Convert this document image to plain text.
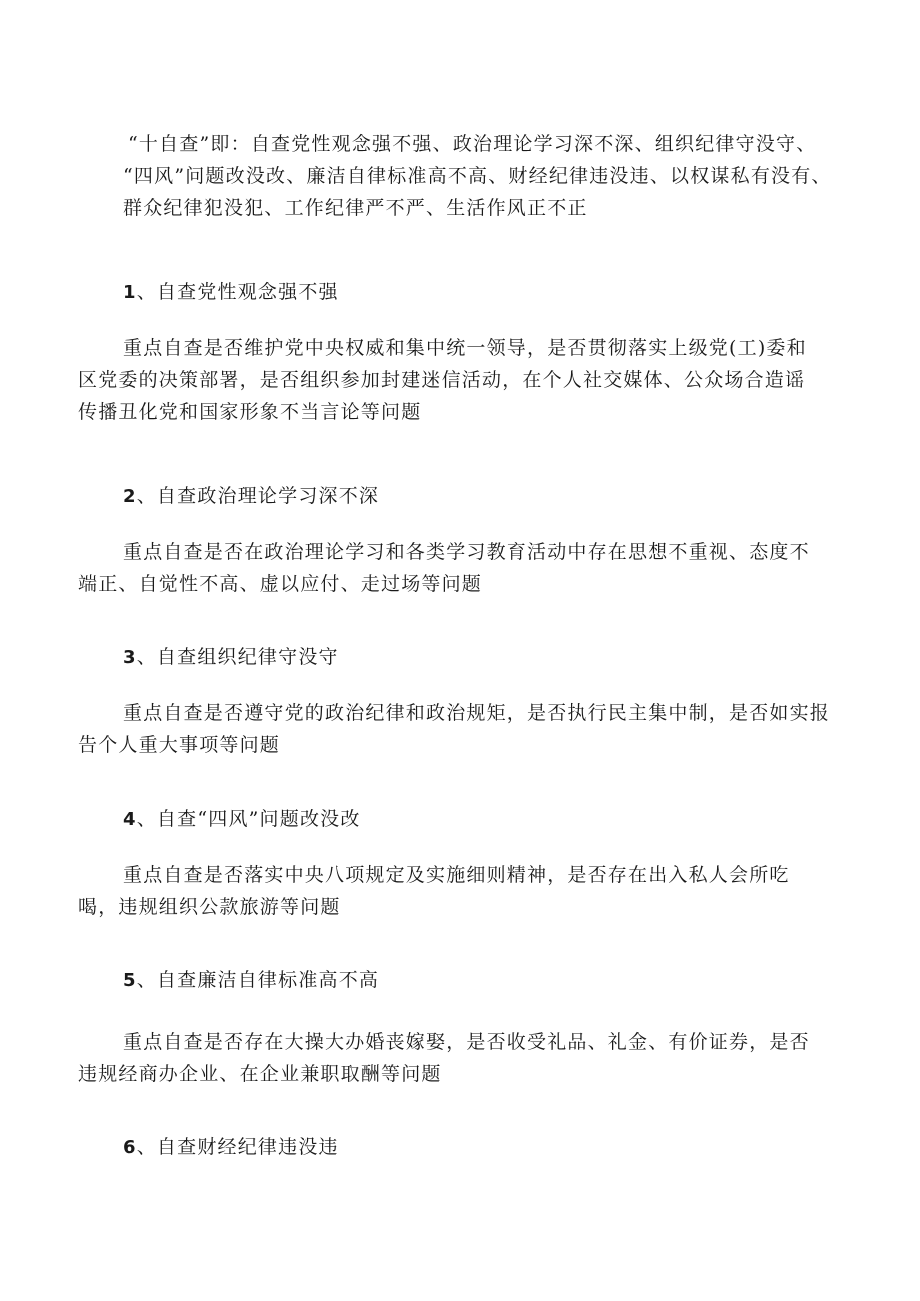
“十自查”即：自查党性观念强不强、政治理论学习深不深、组织纪律守没守、
“四风”问题改没改、廉洁自律标准高不高、财经纪律违没违、以权谋私有没有、
群众纪律犯没犯、工作纪律严不严、生活作风正不正
1、自查党性观念强不强
重点自查是否维护党中央权威和集中统一领导，是否贯彻落实上级党(工)委和
区党委的决策部署，是否组织参加封建迷信活动，在个人社交媒体、公众场合造谣
传播丑化党和国家形象不当言论等问题
2、自查政治理论学习深不深
重点自查是否在政治理论学习和各类学习教育活动中存在思想不重视、态度不
端正、自觉性不高、虚以应付、走过场等问题
3、自查组织纪律守没守
重点自查是否遵守党的政治纪律和政治规矩，是否执行民主集中制，是否如实报
告个人重大事项等问题
4、自查“四风”问题改没改
重点自查是否落实中央八项规定及实施细则精神，是否存在出入私人会所吃
喝，违规组织公款旅游等问题
5、自查廉洁自律标准高不高
重点自查是否存在大操大办婚丧嫁娶，是否收受礼品、礼金、有价证券，是否
违规经商办企业、在企业兼职取酬等问题
6、自查财经纪律违没违
